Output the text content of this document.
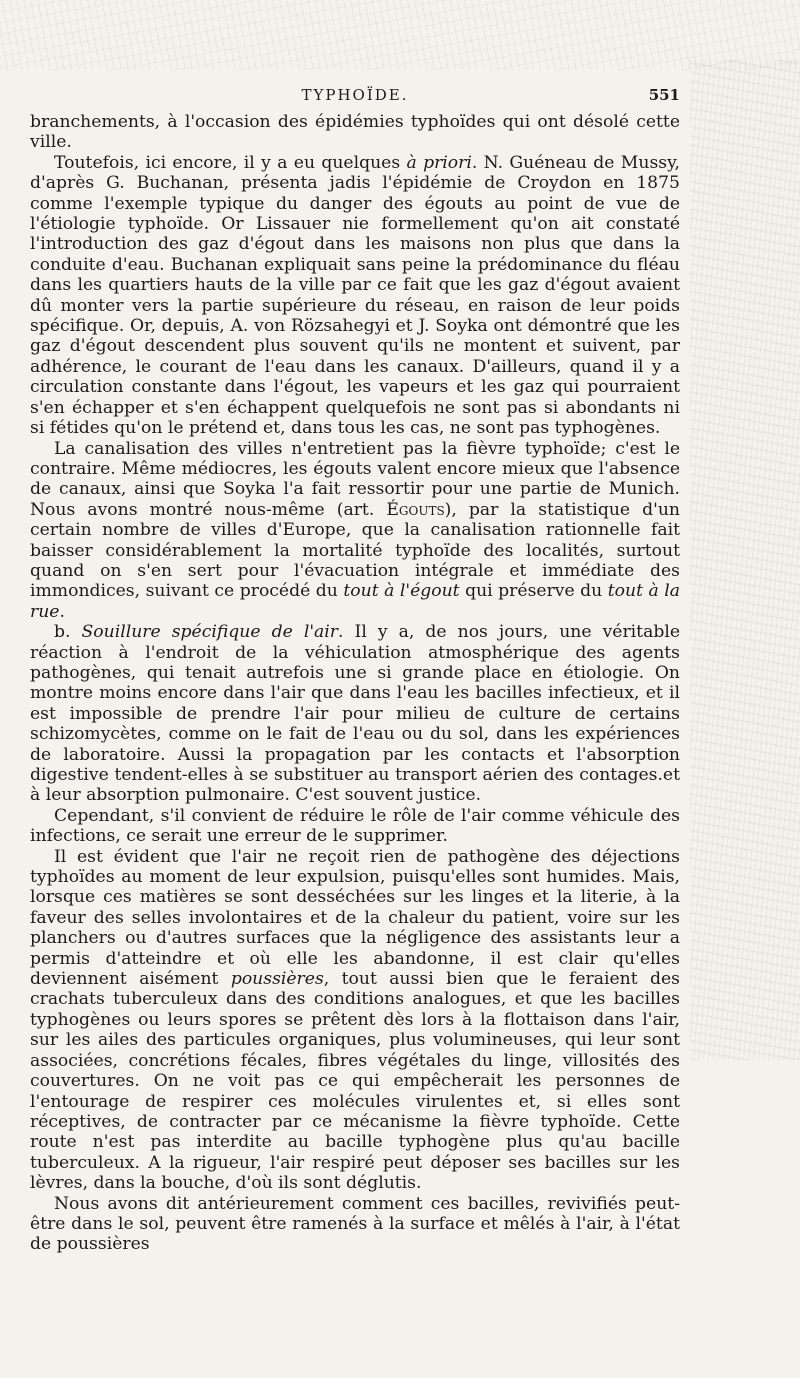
TYPHOÏDE.	551

branchements, à l'occasion des épidémies typhoïdes qui ont désolé cette ville.

Toutefois, ici encore, il y a eu quelques à priori. N. Guéneau de Mussy, d'après G. Buchanan, présenta jadis l'épidémie de Croydon en 1875 comme l'exemple typique du danger des égouts au point de vue de l'étiologie typhoïde. Or Lissauer nie formellement qu'on ait constaté l'introduction des gaz d'égout dans les maisons non plus que dans la conduite d'eau. Buchanan expliquait sans peine la prédominance du fléau dans les quartiers hauts de la ville par ce fait que les gaz d'égout avaient dû monter vers la partie supérieure du réseau, en raison de leur poids spécifique. Or, depuis, A. von Rözsahegyi et J. Soyka ont démontré que les gaz d'égout descendent plus souvent qu'ils ne montent et suivent, par adhérence, le courant de l'eau dans les canaux. D'ailleurs, quand il y a circulation constante dans l'égout, les vapeurs et les gaz qui pourraient s'en échapper et s'en échappent quelquefois ne sont pas si abondants ni si fétides qu'on le prétend et, dans tous les cas, ne sont pas typhogènes.

La canalisation des villes n'entretient pas la fièvre typhoïde; c'est le contraire. Même médiocres, les égouts valent encore mieux que l'absence de canaux, ainsi que Soyka l'a fait ressortir pour une partie de Munich. Nous avons montré nous-même (art. Égouts), par la statistique d'un certain nombre de villes d'Europe, que la canalisation rationnelle fait baisser considérablement la mortalité typhoïde des localités, surtout quand on s'en sert pour l'évacuation intégrale et immédiate des immondices, suivant ce procédé du tout à l'égout qui préserve du tout à la rue.

b. Souillure spécifique de l'air. Il y a, de nos jours, une véritable réaction à l'endroit de la véhiculation atmosphérique des agents pathogènes, qui tenait autrefois une si grande place en étiologie. On montre moins encore dans l'air que dans l'eau les bacilles infectieux, et il est impossible de prendre l'air pour milieu de culture de certains schizomycètes, comme on le fait de l'eau ou du sol, dans les expériences de laboratoire. Aussi la propagation par les contacts et l'absorption digestive tendent-elles à se substituer au transport aérien des contages.et à leur absorption pulmonaire. C'est souvent justice.

Cependant, s'il convient de réduire le rôle de l'air comme véhicule des infections, ce serait une erreur de le supprimer.

Il est évident que l'air ne reçoit rien de pathogène des déjections typhoïdes au moment de leur expulsion, puisqu'elles sont humides. Mais, lorsque ces matières se sont desséchées sur les linges et la literie, à la faveur des selles involontaires et de la chaleur du patient, voire sur les planchers ou d'autres surfaces que la négligence des assistants leur a permis d'atteindre et où elle les abandonne, il est clair qu'elles deviennent aisément poussières, tout aussi bien que le feraient des crachats tuberculeux dans des conditions analogues, et que les bacilles typhogènes ou leurs spores se prêtent dès lors à la flottaison dans l'air, sur les ailes des particules organiques, plus volumineuses, qui leur sont associées, concrétions fécales, fibres végétales du linge, villosités des couvertures. On ne voit pas ce qui empêcherait les personnes de l'entourage de respirer ces molécules virulentes et, si elles sont réceptives, de contracter par ce mécanisme la fièvre typhoïde. Cette route n'est pas interdite au bacille typhogène plus qu'au bacille tuberculeux. A la rigueur, l'air respiré peut déposer ses bacilles sur les lèvres, dans la bouche, d'où ils sont déglutis.

Nous avons dit antérieurement comment ces bacilles, revivifiés peut-être dans le sol, peuvent être ramenés à la surface et mêlés à l'air, à l'état de poussières
